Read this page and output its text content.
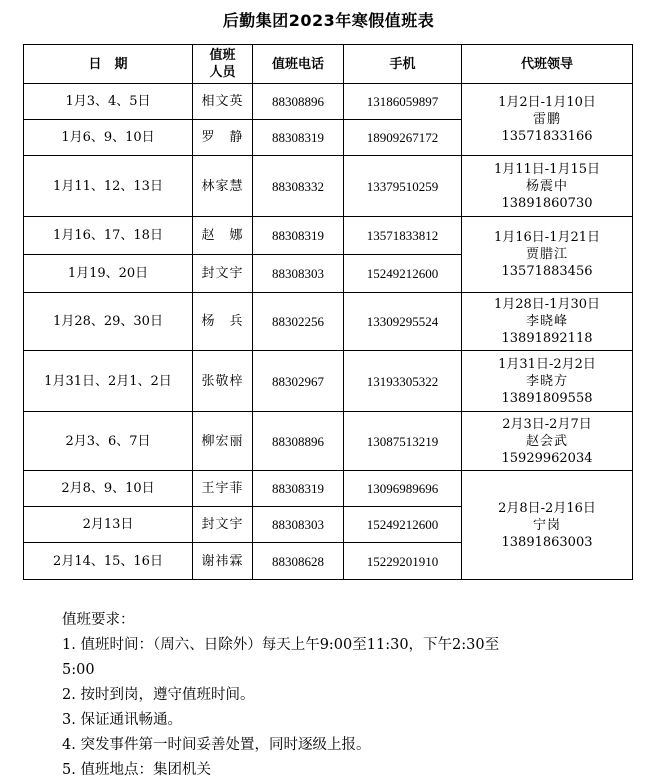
后勤集团2023年寒假值班表
日　期	值班人员	值班电话	手机	代班领导
1月3、4、5日	相文英	88308896	13186059897	1月2日-1月10日
雷鹏
13571833166

1月6、9、10日	罗　静	88308319	18909267172	
1月11、12、13日	林家慧	88308332	13379510259	1月11日-1月15日
杨震中
13891860730

1月16、17、18日	赵　娜	88308319	13571833812	1月16日-1月21日
贾腊江
13571883456

1月19、20日	封文宇	88308303	15249212600	
1月28、29、30日	杨　兵	88302256	13309295524	1月28日-1月30日
李晓峰
13891892118

1月31日、2月1、2日	张敬梓	88302967	13193305322	1月31日-2月2日
李晓方
13891809558

2月3、6、7日	柳宏丽	88308896	13087513219	2月3日-2月7日
赵会武
15929962034

2月8、9、10日	王宇菲	88308319	13096989696	2月8日-2月16日
宁岗
13891863003

2月13日	封文宇	88308303	15249212600	
2月14、15、16日	谢祎霖	88308628	15229201910	

值班要求：

1. 值班时间：（周六、日除外）每天上午9:00至11:30，下午2:30至

5:00

2. 按时到岗，遵守值班时间。

3. 保证通讯畅通。

4. 突发事件第一时间妥善处置，同时逐级上报。

5. 值班地点：集团机关
